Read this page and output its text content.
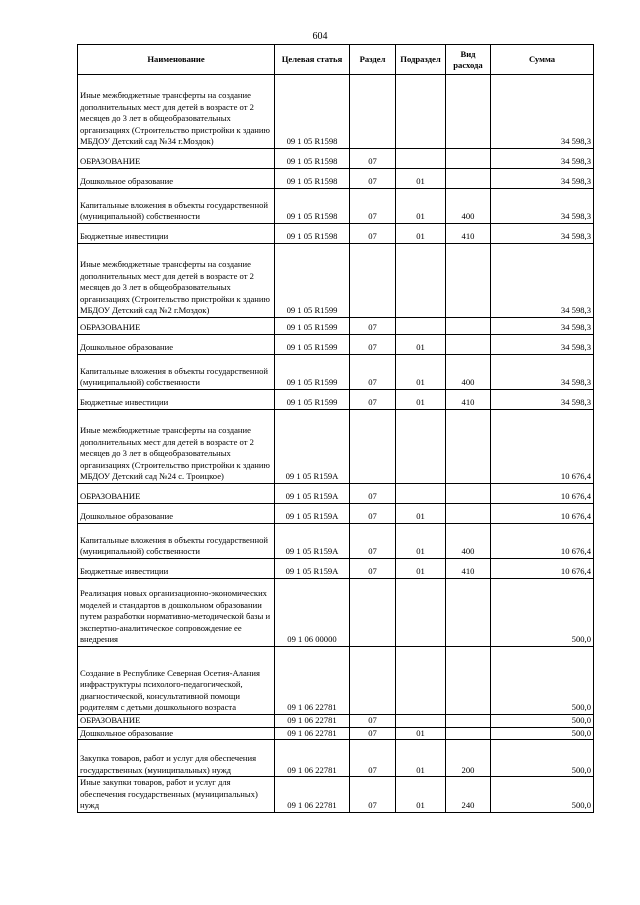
604
Наименование	Целевая статья	Раздел	Подраздел	Вид расхода	Сумма
Иные межбюджетные трансферты на создание дополнительных мест для детей в возрасте от 2 месяцев до 3 лет в общеобразовательных организациях (Строительство пристройки к зданию МБДОУ Детский сад №34 г.Моздок)	09 1 05 R1598				34 598,3
ОБРАЗОВАНИЕ	09 1 05 R1598	07			34 598,3
Дошкольное образование	09 1 05 R1598	07	01		34 598,3
Капитальные вложения в объекты государственной (муниципальной) собственности	09 1 05 R1598	07	01	400	34 598,3
Бюджетные инвестиции	09 1 05 R1598	07	01	410	34 598,3
Иные межбюджетные трансферты на создание дополнительных мест для детей в возрасте от 2 месяцев до 3 лет в общеобразовательных организациях (Строительство пристройки к зданию МБДОУ Детский сад №2 г.Моздок)	09 1 05 R1599				34 598,3
ОБРАЗОВАНИЕ	09 1 05 R1599	07			34 598,3
Дошкольное образование	09 1 05 R1599	07	01		34 598,3
Капитальные вложения в объекты государственной (муниципальной) собственности	09 1 05 R1599	07	01	400	34 598,3
Бюджетные инвестиции	09 1 05 R1599	07	01	410	34 598,3
Иные межбюджетные трансферты на создание дополнительных мест для детей в возрасте от 2 месяцев до 3 лет в общеобразовательных организациях (Строительство пристройки к зданию МБДОУ Детский сад №24 с. Троицкое)	09 1 05 R159A				10 676,4
ОБРАЗОВАНИЕ	09 1 05 R159A	07			10 676,4
Дошкольное образование	09 1 05 R159A	07	01		10 676,4
Капитальные вложения в объекты государственной (муниципальной) собственности	09 1 05 R159A	07	01	400	10 676,4
Бюджетные инвестиции	09 1 05 R159A	07	01	410	10 676,4
Реализация новых организационно-экономических моделей и стандартов в дошкольном образовании путем разработки нормативно-методической базы и экспертно-аналитическое сопровождение ее внедрения	09 1 06 00000				500,0
Создание в Республике Северная Осетия-Алания инфраструктуры психолого-педагогической, диагностической, консультативной помощи родителям с детьми дошкольного возраста	09 1 06 22781				500,0
ОБРАЗОВАНИЕ	09 1 06 22781	07			500,0
Дошкольное образование	09 1 06 22781	07	01		500,0
Закупка товаров, работ и услуг для обеспечения государственных (муниципальных) нужд	09 1 06 22781	07	01	200	500,0
Иные закупки товаров, работ и услуг для обеспечения государственных (муниципальных) нужд	09 1 06 22781	07	01	240	500,0
